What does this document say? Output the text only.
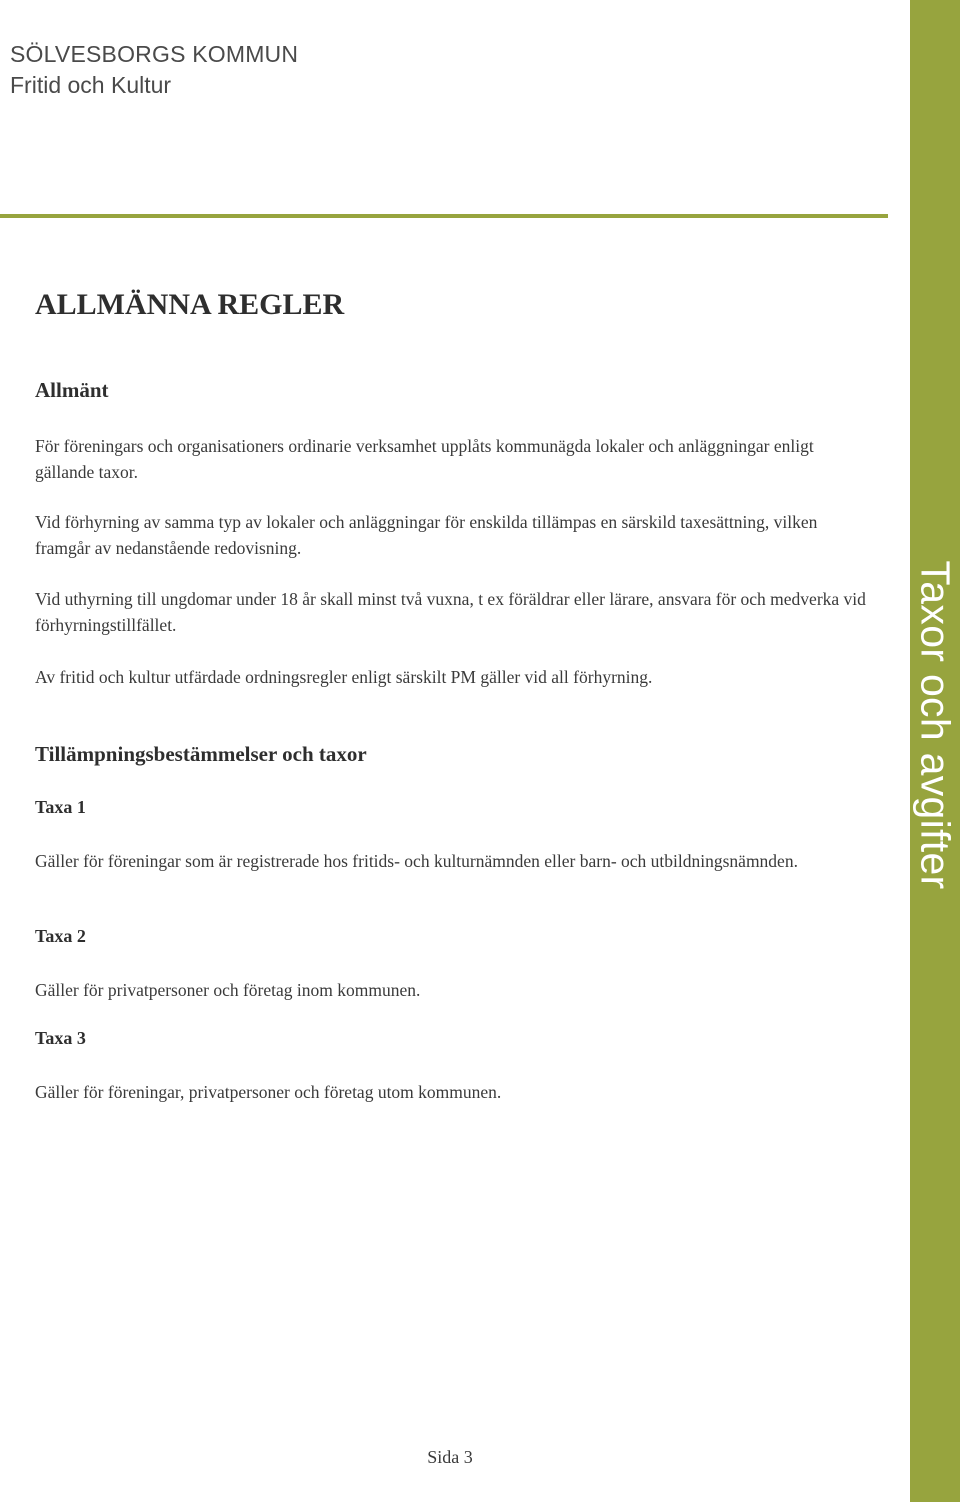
SÖLVESBORGS KOMMUN
Fritid och Kultur
Taxor och avgifter
ALLMÄNNA REGLER
Allmänt

För föreningars och organisationers ordinarie verksamhet upplåts kommunägda lokaler och anläggningar enligt gällande taxor.

Vid förhyrning av samma typ av lokaler och anläggningar för enskilda tillämpas en särskild taxesättning, vilken framgår av nedanstående redovisning.

Vid uthyrning till ungdomar under 18 år skall minst två vuxna, t ex föräldrar eller lärare, ansvara för och medverka vid förhyrningstillfället.

Av fritid och kultur utfärdade ordningsregler enligt särskilt PM gäller vid all förhyrning.

Tillämpningsbestämmelser och taxor
Taxa 1

Gäller för föreningar som är registrerade hos fritids- och kulturnämnden eller barn- och utbildningsnämnden.

Taxa 2

Gäller för privatpersoner och företag inom kommunen.

Taxa 3

Gäller för föreningar, privatpersoner och företag utom kommunen.

Sida 3
